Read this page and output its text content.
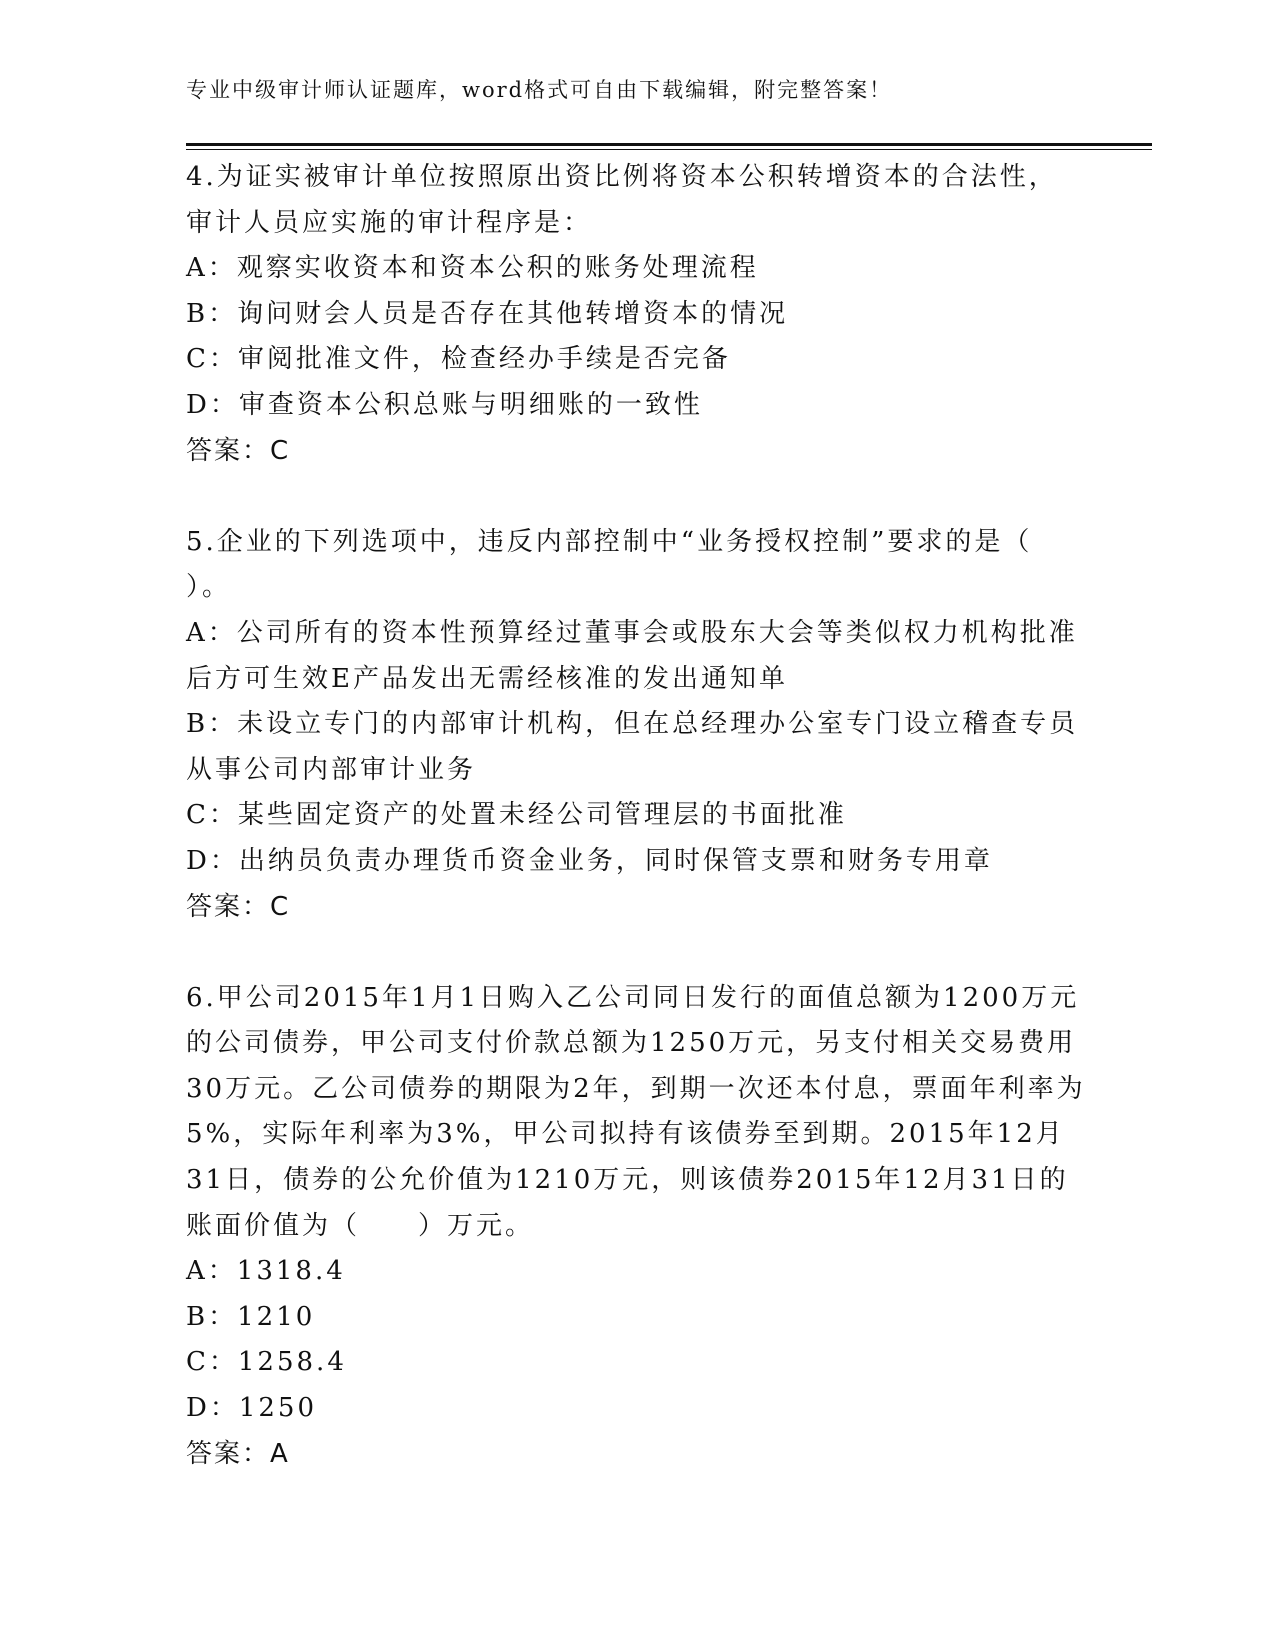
专业中级审计师认证题库，word格式可自由下载编辑，附完整答案！

4.为证实被审计单位按照原出资比例将资本公积转增资本的合法性，审计人员应实施的审计程序是：

A：观察实收资本和资本公积的账务处理流程

B：询问财会人员是否存在其他转增资本的情况

C：审阅批准文件，检查经办手续是否完备

D：审查资本公积总账与明细账的一致性

答案：C

5.企业的下列选项中，违反内部控制中“业务授权控制”要求的是（ ）。

A：公司所有的资本性预算经过董事会或股东大会等类似权力机构批准后方可生效E产品发出无需经核准的发出通知单

B：未设立专门的内部审计机构，但在总经理办公室专门设立稽查专员从事公司内部审计业务

C：某些固定资产的处置未经公司管理层的书面批准

D：出纳员负责办理货币资金业务，同时保管支票和财务专用章

答案：C

6.甲公司2015年1月1日购入乙公司同日发行的面值总额为1200万元的公司债券，甲公司支付价款总额为1250万元，另支付相关交易费用30万元。乙公司债券的期限为2年，到期一次还本付息，票面年利率为5%，实际年利率为3%，甲公司拟持有该债券至到期。2015年12月31日，债券的公允价值为1210万元，则该债券2015年12月31日的账面价值为（　　）万元。

A：1318.4

B：1210

C：1258.4

D：1250

答案：A
